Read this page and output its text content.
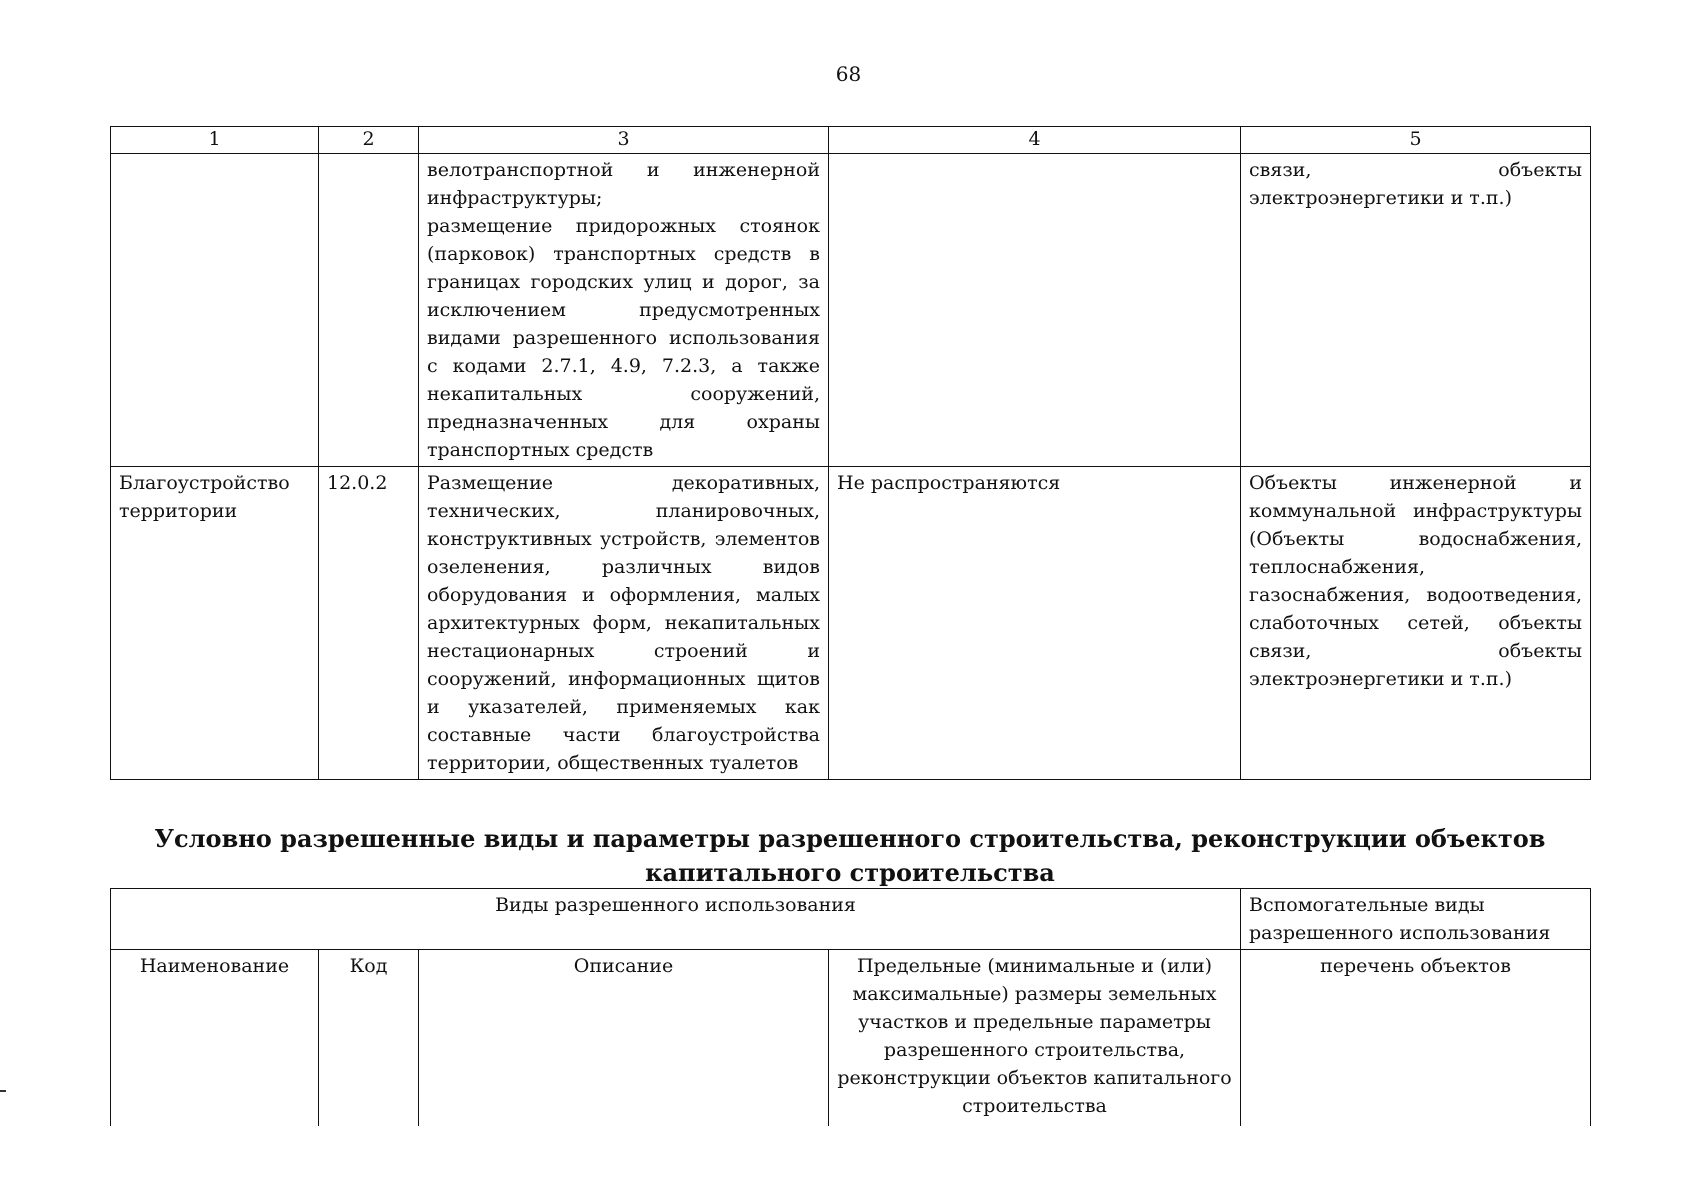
68
1	2	3	4	5
		велотранспортной и инженерной инфраструктуры;
размещение придорожных стоянок (парковок) транспортных средств в границах городских улиц и дорог, за исключением предусмотренных видами разрешенного использования с кодами 2.7.1, 4.9, 7.2.3, а также некапитальных сооружений, предназначенных для охраны транспортных средств		связи, объекты электроэнергетики и т.п.)
Благоустройство территории	12.0.2	Размещение декоративных, технических, планировочных, конструктивных устройств, элементов озеленения, различных видов оборудования и оформления, малых архитектурных форм, некапитальных нестационарных строений и сооружений, информационных щитов и указателей, применяемых как составные части благоустройства территории, общественных туалетов	Не распространяются	Объекты инженерной и коммунальной инфраструктуры (Объекты водоснабжения, теплоснабжения, газоснабжения, водоотведения, слаботочных сетей, объекты связи, объекты электроэнергетики и т.п.)
Условно разрешенные виды и параметры разрешенного строительства, реконструкции объектов капитального строительства
Виды разрешенного использования				Вспомогательные виды разрешенного использования
Наименование	Код	Описание	Предельные (минимальные и (или) максимальные) размеры земельных участков и предельные параметры разрешенного строительства, реконструкции объектов капитального строительства	перечень объектов
